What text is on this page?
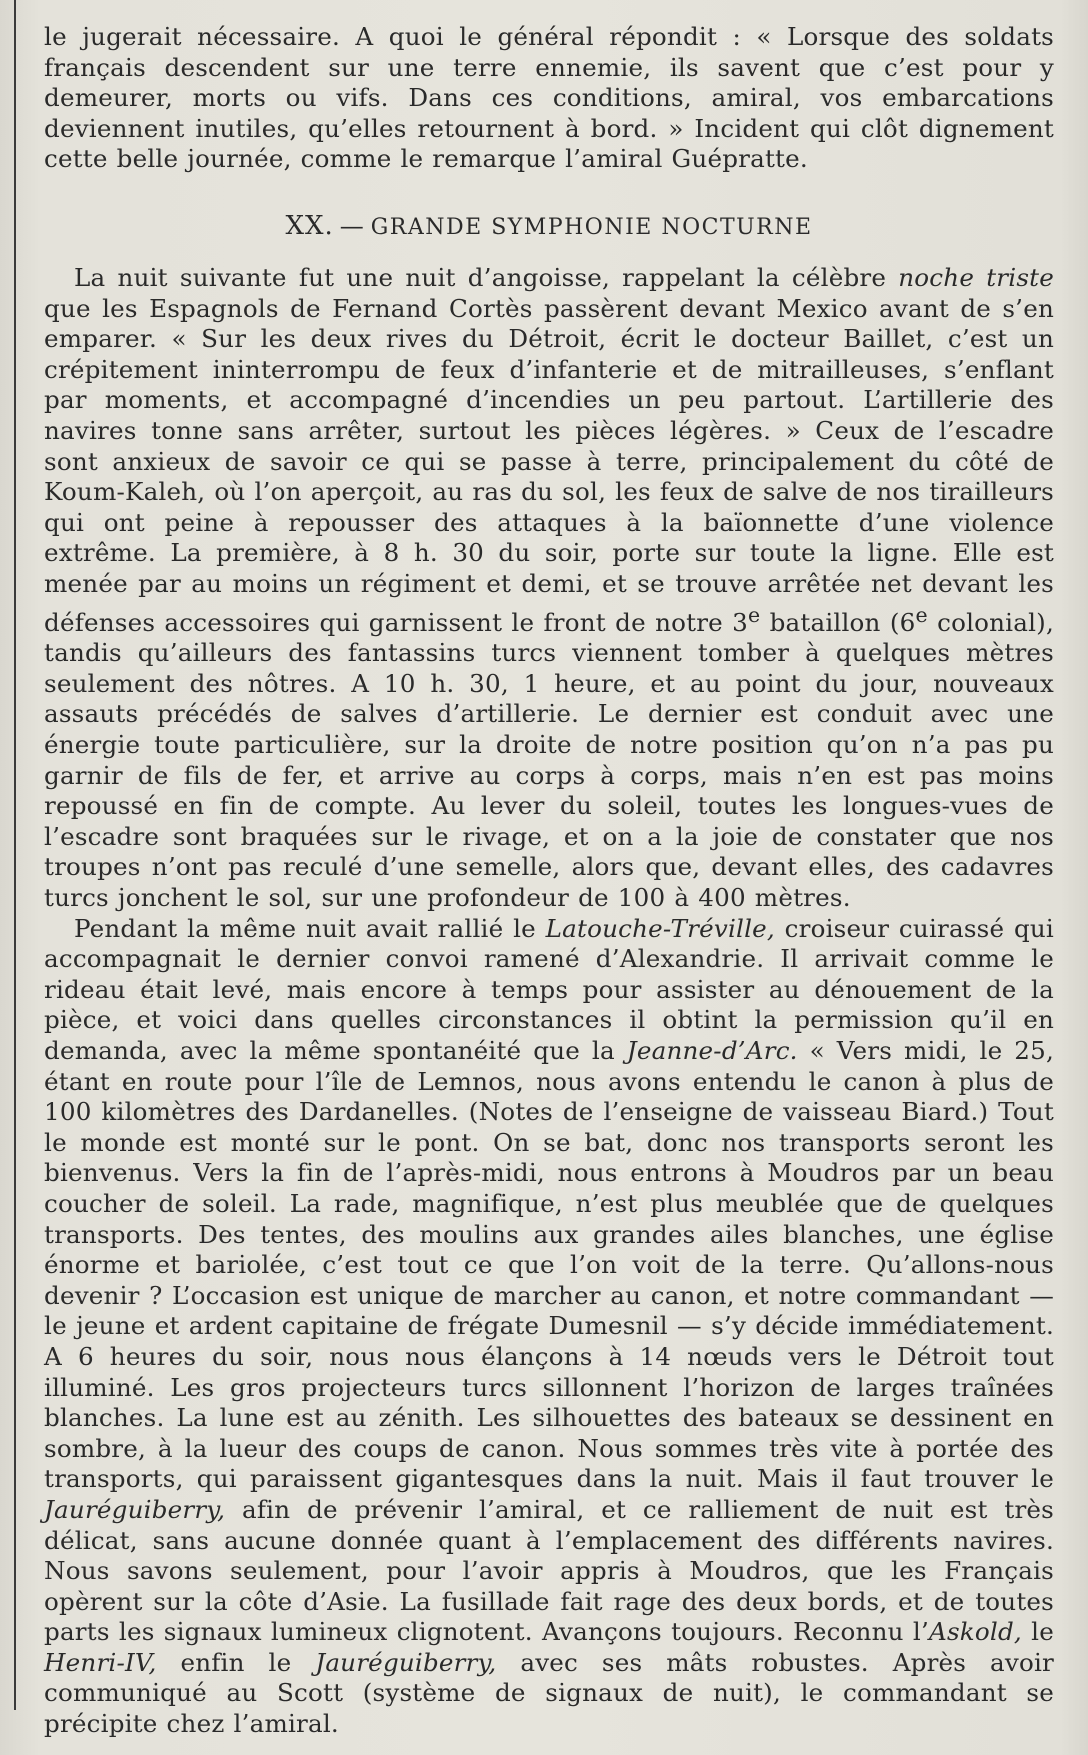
le jugerait nécessaire. A quoi le général répondit : « Lorsque des soldats français descendent sur une terre ennemie, ils savent que c’est pour y demeurer, morts ou vifs. Dans ces conditions, amiral, vos embarcations deviennent inutiles, qu’elles retournent à bord. » Incident qui clôt dignement cette belle journée, comme le remarque l’amiral Guépratte.

XX. — GRANDE SYMPHONIE NOCTURNE

La nuit suivante fut une nuit d’angoisse, rappelant la célèbre noche triste que les Espagnols de Fernand Cortès passèrent devant Mexico avant de s’en emparer. « Sur les deux rives du Détroit, écrit le docteur Baillet, c’est un crépitement ininterrompu de feux d’infanterie et de mitrailleuses, s’enflant par moments, et accompagné d’incendies un peu partout. L’artillerie des navires tonne sans arrêter, surtout les pièces légères. » Ceux de l’escadre sont anxieux de savoir ce qui se passe à terre, principalement du côté de Koum-Kaleh, où l’on aperçoit, au ras du sol, les feux de salve de nos tirailleurs qui ont peine à repousser des attaques à la baïonnette d’une violence extrême. La première, à 8 h. 30 du soir, porte sur toute la ligne. Elle est menée par au moins un régiment et demi, et se trouve arrêtée net devant les défenses accessoires qui garnissent le front de notre 3e bataillon (6e colonial), tandis qu’ailleurs des fantassins turcs viennent tomber à quelques mètres seulement des nôtres. A 10 h. 30, 1 heure, et au point du jour, nouveaux assauts précédés de salves d’artillerie. Le dernier est conduit avec une énergie toute particulière, sur la droite de notre position qu’on n’a pas pu garnir de fils de fer, et arrive au corps à corps, mais n’en est pas moins repoussé en fin de compte. Au lever du soleil, toutes les longues-vues de l’escadre sont braquées sur le rivage, et on a la joie de constater que nos troupes n’ont pas reculé d’une semelle, alors que, devant elles, des cadavres turcs jonchent le sol, sur une profondeur de 100 à 400 mètres.

Pendant la même nuit avait rallié le Latouche-Tréville, croiseur cuirassé qui accompagnait le dernier convoi ramené d’Alexandrie. Il arrivait comme le rideau était levé, mais encore à temps pour assister au dénouement de la pièce, et voici dans quelles circonstances il obtint la permission qu’il en demanda, avec la même spontanéité que la Jeanne-d’Arc. « Vers midi, le 25, étant en route pour l’île de Lemnos, nous avons entendu le canon à plus de 100 kilomètres des Dardanelles. (Notes de l’enseigne de vaisseau Biard.) Tout le monde est monté sur le pont. On se bat, donc nos transports seront les bienvenus. Vers la fin de l’après-midi, nous entrons à Moudros par un beau coucher de soleil. La rade, magnifique, n’est plus meublée que de quelques transports. Des tentes, des moulins aux grandes ailes blanches, une église énorme et bariolée, c’est tout ce que l’on voit de la terre. Qu’allons-nous devenir ? L’occasion est unique de marcher au canon, et notre commandant — le jeune et ardent capitaine de frégate Dumesnil — s’y décide immédiatement. A 6 heures du soir, nous nous élançons à 14 nœuds vers le Détroit tout illuminé. Les gros projecteurs turcs sillonnent l’horizon de larges traînées blanches. La lune est au zénith. Les silhouettes des bateaux se dessinent en sombre, à la lueur des coups de canon. Nous sommes très vite à portée des transports, qui paraissent gigantesques dans la nuit. Mais il faut trouver le Jauréguiberry, afin de prévenir l’amiral, et ce ralliement de nuit est très délicat, sans aucune donnée quant à l’emplacement des différents navires. Nous savons seulement, pour l’avoir appris à Moudros, que les Français opèrent sur la côte d’Asie. La fusillade fait rage des deux bords, et de toutes parts les signaux lumineux clignotent. Avançons toujours. Reconnu l’Askold, le Henri-IV, enfin le Jauréguiberry, avec ses mâts robustes. Après avoir communiqué au Scott (système de signaux de nuit), le commandant se précipite chez l’amiral.
